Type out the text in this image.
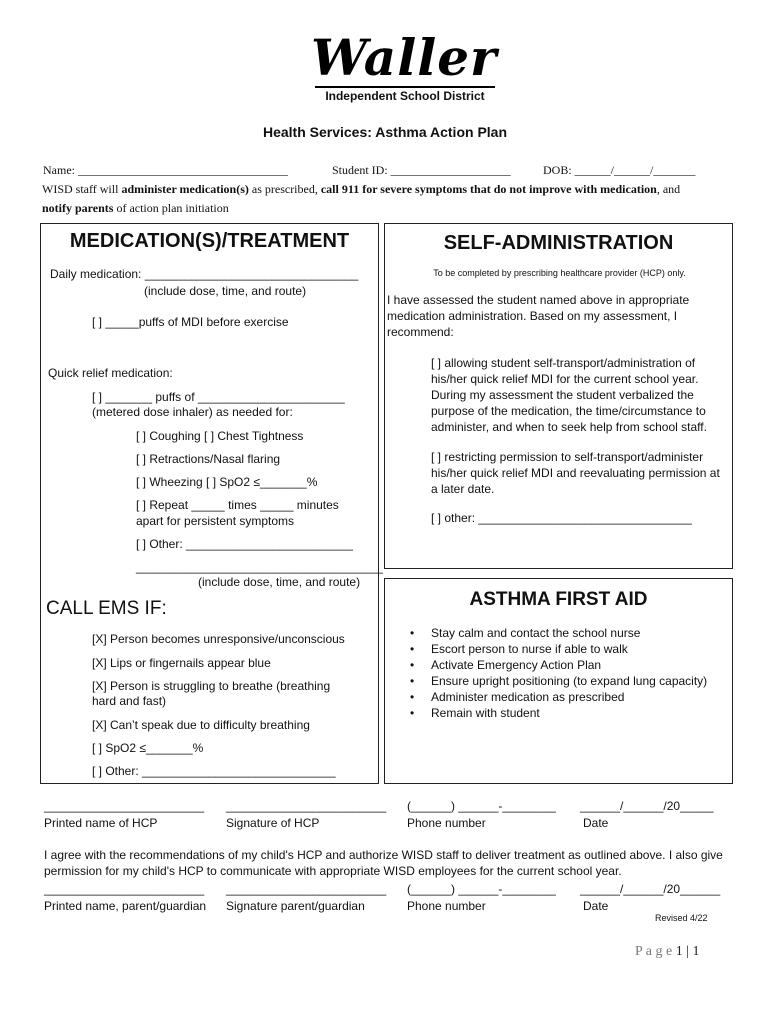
Waller
Independent School District
Health Services: Asthma Action Plan
Name: ___________________________________	Student ID: ____________________	DOB: ______/______/_______
WISD staff will administer medication(s) as prescribed, call 911 for severe symptoms that do not improve with medication, and
notify parents of action plan initiation
MEDICATION(S)/TREATMENT
Daily medication: ________________________________
(include dose, time, and route)
[ ] _____puffs of MDI before exercise
Quick relief medication:
[ ] _______ puffs of ______________________
(metered dose inhaler) as needed for:
[ ] Coughing [ ] Chest Tightness
[ ] Retractions/Nasal flaring
[ ] Wheezing [ ] SpO2 ≤_______%
[ ] Repeat _____ times _____ minutes
apart for persistent symptoms
[ ] Other: _________________________
_____________________________________
(include dose, time, and route)
CALL EMS IF:
[X] Person becomes unresponsive/unconscious
[X] Lips or fingernails appear blue
[X] Person is struggling to breathe (breathing
hard and fast)
[X] Can’t speak due to difficulty breathing
[ ] SpO2 ≤_______%
[ ] Other: _____________________________
SELF-ADMINISTRATION
To be completed by prescribing healthcare provider (HCP) only.
I have assessed the student named above in appropriate medication administration. Based on my assessment, I recommend:
[ ] allowing student self-transport/administration of his/her quick relief MDI for the current school year. During my assessment the student verbalized the purpose of the medication, the time/circumstance to administer, and when to seek help from school staff.
[ ] restricting permission to self-transport/administer his/her quick relief MDI and reevaluating permission at a later date.
[ ] other: ________________________________
ASTHMA FIRST AID
• Stay calm and contact the school nurse
• Escort person to nurse if able to walk
• Activate Emergency Action Plan
• Ensure upright positioning (to expand lung capacity)
• Administer medication as prescribed
• Remain with student
________________________ ________________________ (______) ______-________ ______/______/20_____
Printed name of HCP	Signature of HCP	Phone number	Date
I agree with the recommendations of my child's HCP and authorize WISD staff to deliver treatment as outlined above. I also give permission for my child's HCP to communicate with appropriate WISD employees for the current school year.
________________________ ________________________ (______) ______-________ ______/______/20______
Printed name, parent/guardian Signature parent/guardian	Phone number	Date
Revised 4/22
P a g e 1 | 1
